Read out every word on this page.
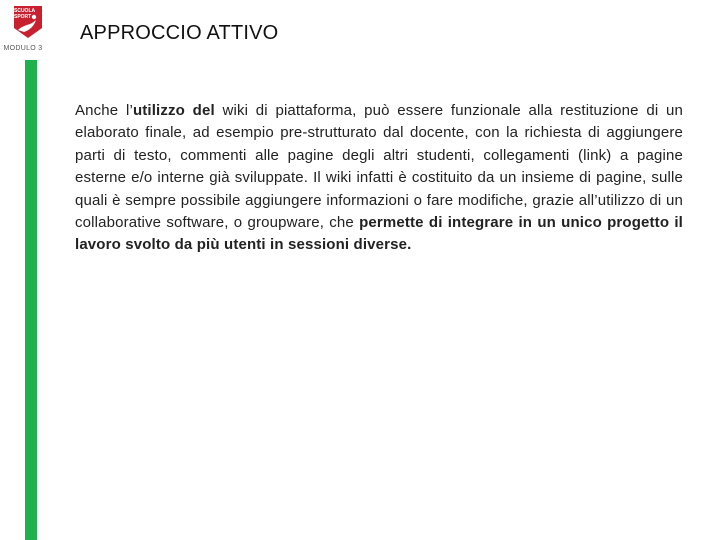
SCUOLA
SPORT
MODULO 3
APPROCCIO ATTIVO
Anche l’utilizzo del wiki di piattaforma, può essere funzionale alla restituzione di un elaborato finale, ad esempio pre-strutturato dal docente, con la richiesta di aggiungere parti di testo, commenti alle pagine degli altri studenti, collegamenti (link) a pagine esterne e/o interne già sviluppate. Il wiki infatti è costituito da un insieme di pagine, sulle quali è sempre possibile aggiungere informazioni o fare modifiche, grazie all’utilizzo di un collaborative software, o groupware, che permette di integrare in un unico progetto il lavoro svolto da più utenti in sessioni diverse.
